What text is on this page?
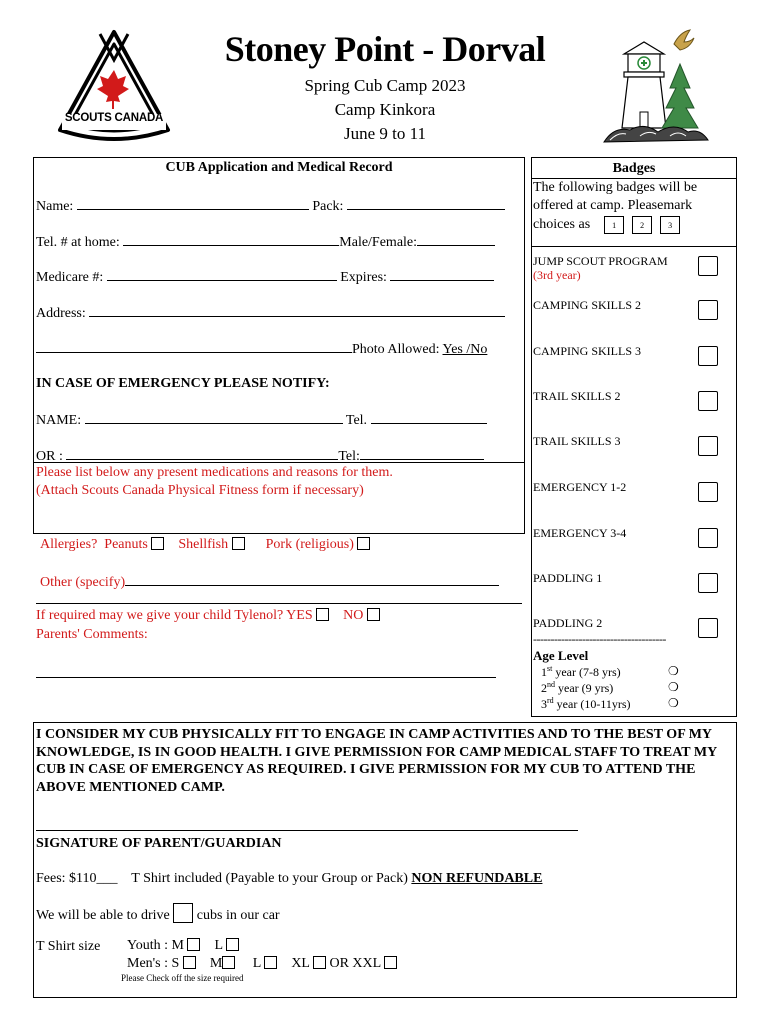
SCOUTS CANADA
Stoney Point - Dorval
Spring Cub Camp 2023
Camp Kinkora
June 9 to 11
CUB Application and Medical Record
Name:	Pack:
Tel. # at home:	Male/Female:
Medicare #:	Expires:
Address:
Photo Allowed: Yes /No
IN CASE OF EMERGENCY PLEASE NOTIFY:
NAME:	Tel.
OR :	Tel:
Please list below any present medications and reasons for them.
(Attach Scouts Canada Physical Fitness form if necessary)
Allergies? Peanuts Shellfish	Pork (religious)
Other (specify)
If required may we give your child Tylenol? YES NO
Parents' Comments:
Badges
The following badges will be
offered at camp. Pleasemark
choices as	1	2	3
JUMP SCOUT PROGRAM
(3rd year)
CAMPING SKILLS 2
CAMPING SKILLS 3
TRAIL SKILLS 2
TRAIL SKILLS 3
EMERGENCY 1-2
EMERGENCY 3-4
PADDLING 1
PADDLING 2
--------------------------------------
Age Level
1st year (7-8 yrs)	❍
2nd year (9 yrs)	❍
3rd year (10-11yrs)	❍
I CONSIDER MY CUB PHYSICALLY FIT TO ENGAGE IN CAMP ACTIVITIES AND TO THE BEST OF MY KNOWLEDGE, IS IN GOOD HEALTH. I GIVE PERMISSION FOR CAMP MEDICAL STAFF TO TREAT MY CUB IN CASE OF EMERGENCY AS REQUIRED. I GIVE PERMISSION FOR MY CUB TO ATTEND THE ABOVE MENTIONED CAMP.
SIGNATURE OF PARENT/GUARDIAN
Fees: $110___ T Shirt included (Payable to your Group or Pack) NON REFUNDABLE
We will be able to drive cubs in our car
T Shirt size Youth : M L
Men's : S M L XL OR XXL
Please Check off the size required
